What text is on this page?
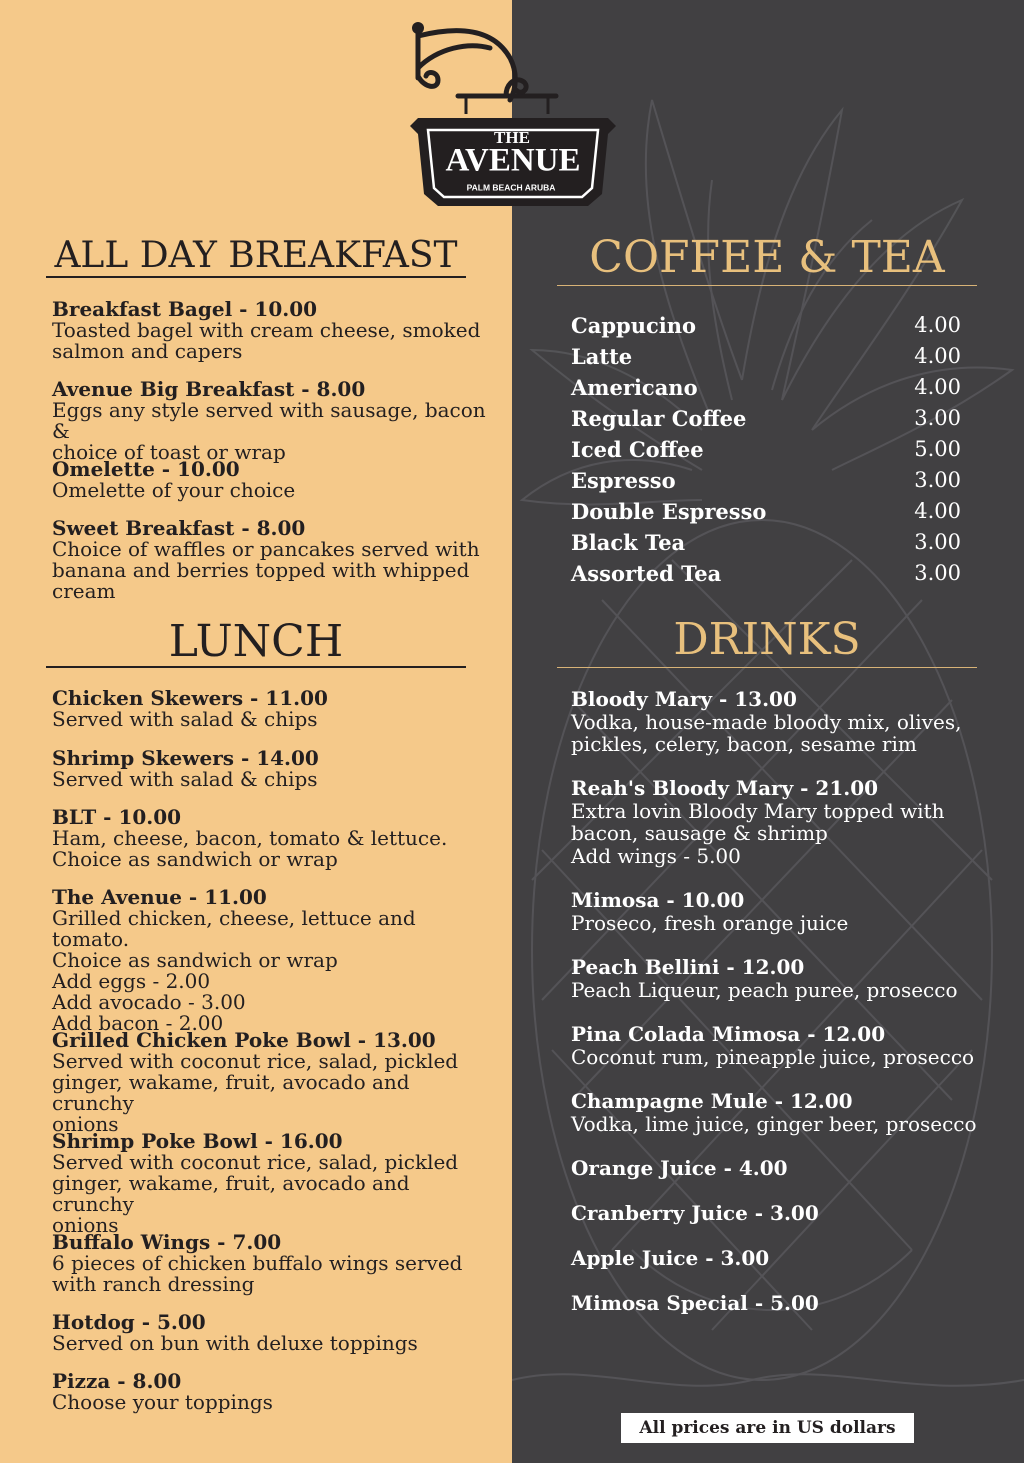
THE
AVENUE
PALM BEACH ARUBA
ALL DAY BREAKFAST
Breakfast Bagel - 10.00
Toasted bagel with cream cheese, smoked
salmon and capers
Avenue Big Breakfast - 8.00
Eggs any style served with sausage, bacon &
choice of toast or wrap
Omelette - 10.00
Omelette of your choice
Sweet Breakfast - 8.00
Choice of waffles or pancakes served with
banana and berries topped with whipped
cream
LUNCH
Chicken Skewers - 11.00
Served with salad & chips
Shrimp Skewers - 14.00
Served with salad & chips
BLT - 10.00
Ham, cheese, bacon, tomato & lettuce.
Choice as sandwich or wrap
The Avenue - 11.00
Grilled chicken, cheese, lettuce and tomato.
Choice as sandwich or wrap
Add eggs - 2.00
Add avocado - 3.00
Add bacon - 2.00
Grilled Chicken Poke Bowl - 13.00
Served with coconut rice, salad, pickled
ginger, wakame, fruit, avocado and crunchy
onions
Shrimp Poke Bowl - 16.00
Served with coconut rice, salad, pickled
ginger, wakame, fruit, avocado and crunchy
onions
Buffalo Wings - 7.00
6 pieces of chicken buffalo wings served
with ranch dressing
Hotdog - 5.00
Served on bun with deluxe toppings
Pizza - 8.00
Choose your toppings
COFFEE & TEA
Cappucino	4.00
Latte	4.00
Americano	4.00
Regular Coffee	3.00
Iced Coffee	5.00
Espresso	3.00
Double Espresso	4.00
Black Tea	3.00
Assorted Tea	3.00
DRINKS
Bloody Mary - 13.00
Vodka, house-made bloody mix, olives,
pickles, celery, bacon, sesame rim
Reah's Bloody Mary - 21.00
Extra lovin Bloody Mary topped with
bacon, sausage & shrimp
Add wings - 5.00
Mimosa - 10.00
Proseco, fresh orange juice
Peach Bellini - 12.00
Peach Liqueur, peach puree, prosecco
Pina Colada Mimosa - 12.00
Coconut rum, pineapple juice, prosecco
Champagne Mule - 12.00
Vodka, lime juice, ginger beer, prosecco
Orange Juice - 4.00
Cranberry Juice - 3.00
Apple Juice - 3.00
Mimosa Special - 5.00
All prices are in US dollars
